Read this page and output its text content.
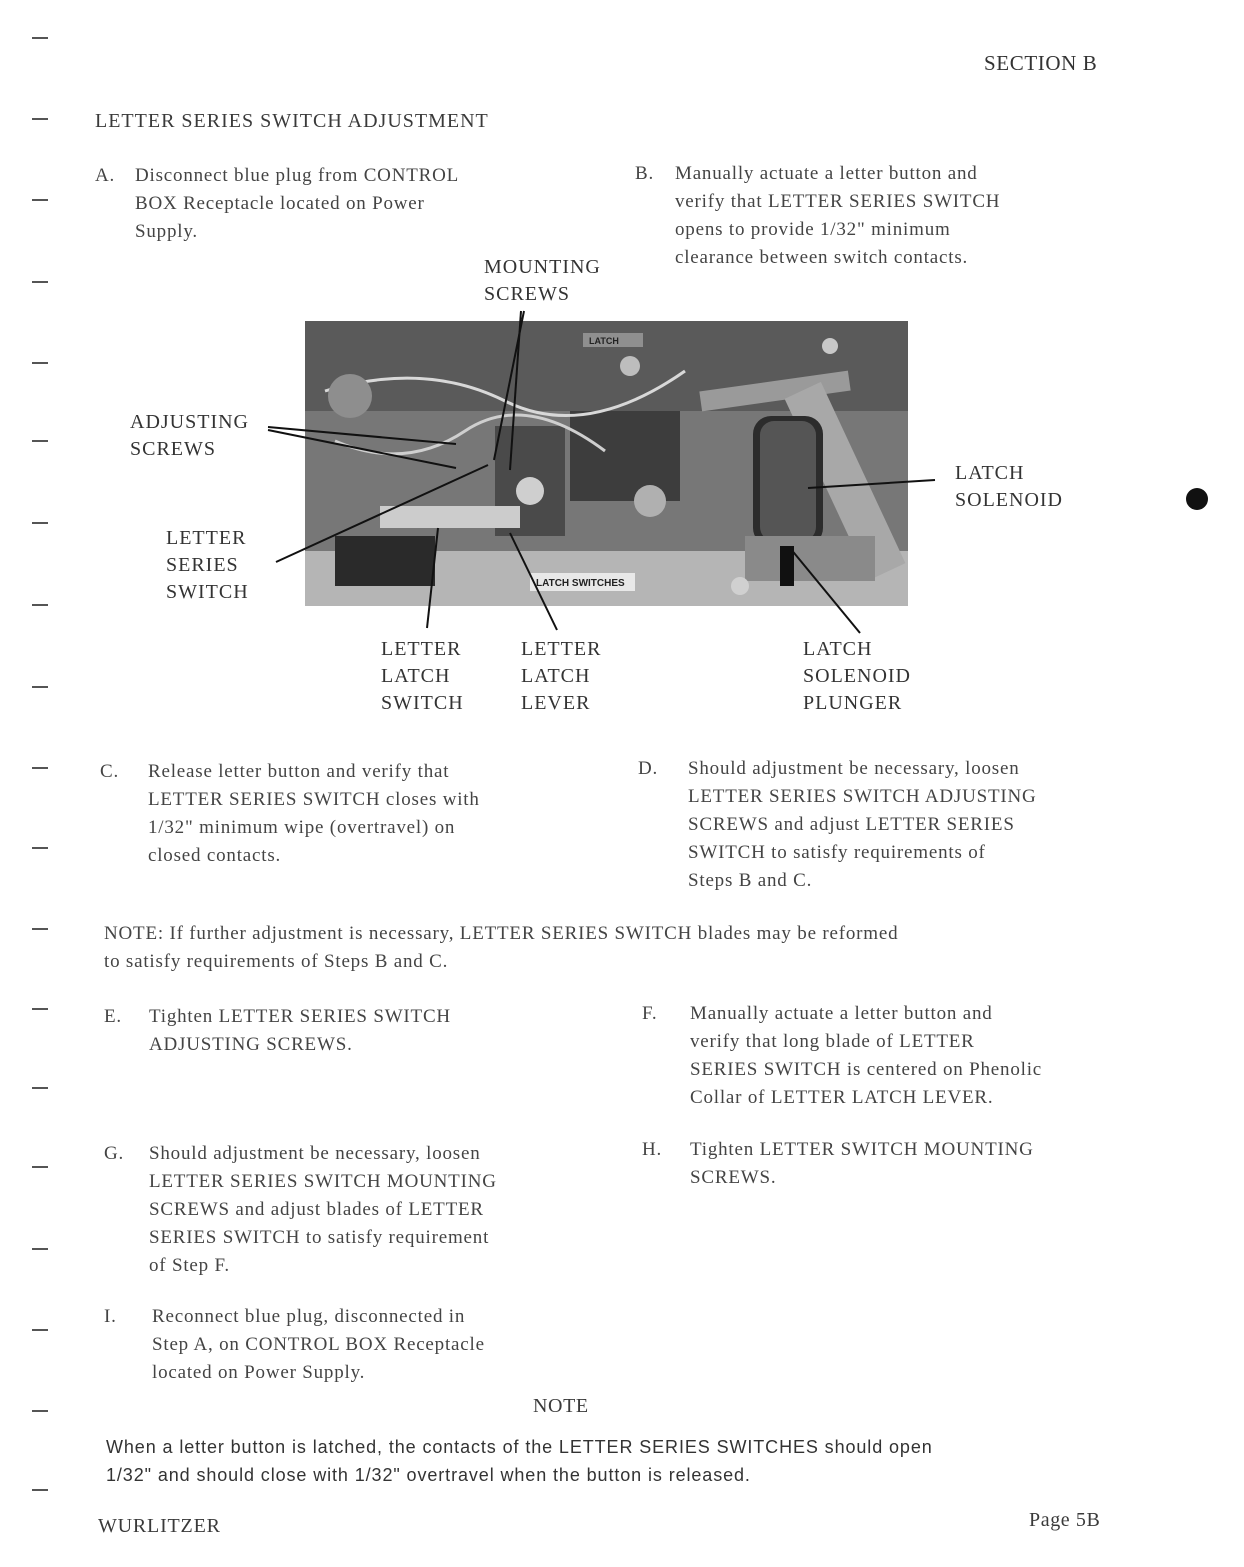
SECTION B
LETTER SERIES SWITCH ADJUSTMENT
A. Disconnect blue plug from CONTROL
BOX Receptacle located on Power
Supply.
B. Manually actuate a letter button and
verify that LETTER SERIES SWITCH
opens to provide 1/32" minimum
clearance between switch contacts.
LATCH SWITCHES
LATCH
MOUNTING
SCREWS
ADJUSTING
SCREWS
LETTER
SERIES
SWITCH
LATCH
SOLENOID
LETTER
LATCH
SWITCH
LETTER
LATCH
LEVER
LATCH
SOLENOID
PLUNGER
C. Release letter button and verify that
LETTER SERIES SWITCH closes with
1/32" minimum wipe (overtravel) on
closed contacts.
D. Should adjustment be necessary, loosen
LETTER SERIES SWITCH ADJUSTING
SCREWS and adjust LETTER SERIES
SWITCH to satisfy requirements of
Steps B and C.
NOTE: If further adjustment is necessary, LETTER SERIES SWITCH blades may be reformed
to satisfy requirements of Steps B and C.
E. Tighten LETTER SERIES SWITCH
ADJUSTING SCREWS.
F. Manually actuate a letter button and
verify that long blade of LETTER
SERIES SWITCH is centered on Phenolic
Collar of LETTER LATCH LEVER.
G. Should adjustment be necessary, loosen
LETTER SERIES SWITCH MOUNTING
SCREWS and adjust blades of LETTER
SERIES SWITCH to satisfy requirement
of Step F.
H. Tighten LETTER SWITCH MOUNTING
SCREWS.
I. Reconnect blue plug, disconnected in
Step A, on CONTROL BOX Receptacle
located on Power Supply.
NOTE
When a letter button is latched, the contacts of the LETTER SERIES SWITCHES should open
1/32" and should close with 1/32" overtravel when the button is released.
WURLITZER	Page 5B
